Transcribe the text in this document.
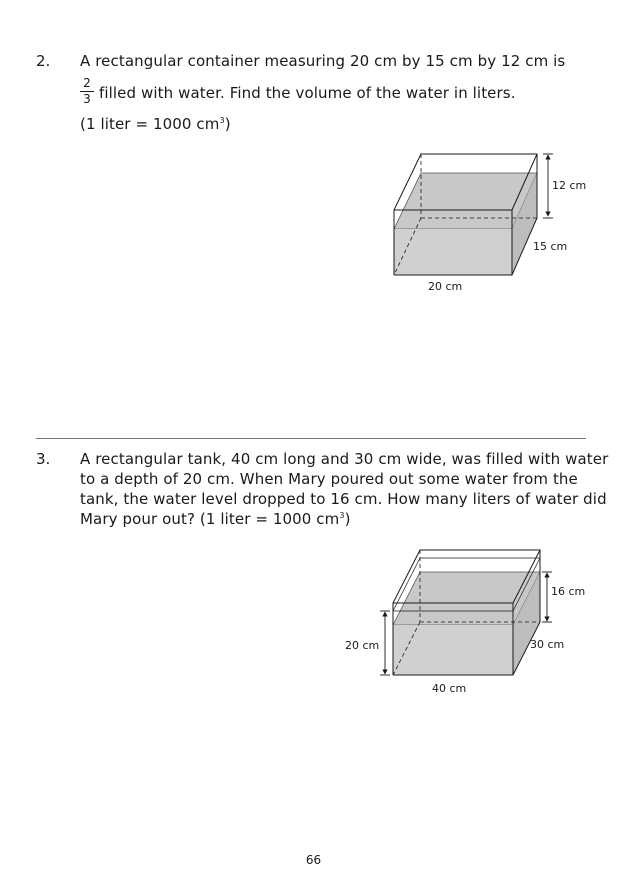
2. A rectangular container measuring 20 cm by 15 cm by 12 cm is
$\frac{2}{3}$ filled with water. Find the volume of the water in liters.
(1 liter = 1000 $cm^3$)
12 cm
15 cm
20 cm
16 cm
20 cm	30 cm
40 cm
3. A rectangular tank, 40 cm long and 30 cm wide, was filled with water
to a depth of 20 cm. When Mary poured out some water from the
tank, the water level dropped to 16 cm. How many liters of water did
Mary pour out? (1 liter = 1000 $cm^3$)
66
